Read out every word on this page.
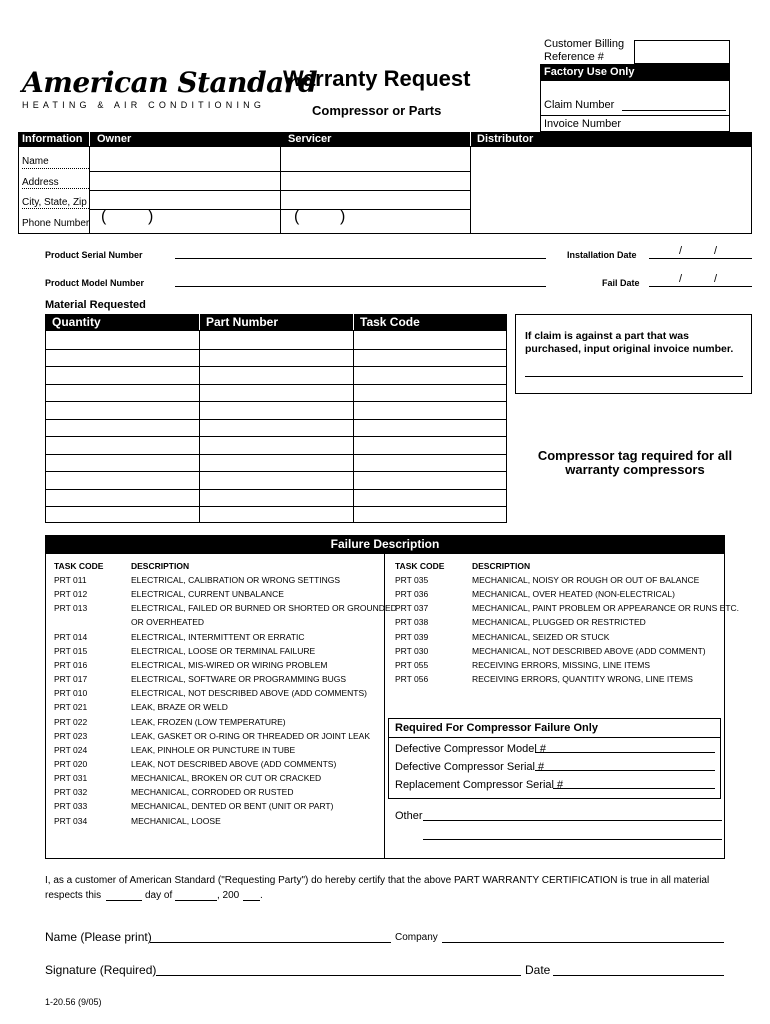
American Standard
HEATING & AIR CONDITIONING
Warranty Request
Compressor or Parts
Customer Billing
Reference #
Factory Use Only
Claim Number
Invoice Number
Information Owner	Servicer	Distributor
Name
Address
City, State, Zip
Phone Number (	)	(	)
Product Serial Number
Product Model Number
Installation Date	/	/
Fail Date	/	/
Material Requested
Quantity	Part Number	Task Code
If claim is against a part that was purchased, input original invoice number.
Compressor tag required for all warranty compressors
Failure Description
TASK CODE	DESCRIPTION	TASK CODE	DESCRIPTION
PRT 011	ELECTRICAL, CALIBRATION OR WRONG SETTINGS
PRT 012	ELECTRICAL, CURRENT UNBALANCE
PRT 013	ELECTRICAL, FAILED OR BURNED OR SHORTED OR GROUNDED
OR OVERHEATED
PRT 014	ELECTRICAL, INTERMITTENT OR ERRATIC
PRT 015	ELECTRICAL, LOOSE OR TERMINAL FAILURE
PRT 016	ELECTRICAL, MIS-WIRED OR WIRING PROBLEM
PRT 017	ELECTRICAL, SOFTWARE OR PROGRAMMING BUGS
PRT 010	ELECTRICAL, NOT DESCRIBED ABOVE (ADD COMMENTS)
PRT 021	LEAK, BRAZE OR WELD
PRT 022	LEAK, FROZEN (LOW TEMPERATURE)
PRT 023	LEAK, GASKET OR O-RING OR THREADED OR JOINT LEAK
PRT 024	LEAK, PINHOLE OR PUNCTURE IN TUBE
PRT 020	LEAK, NOT DESCRIBED ABOVE (ADD COMMENTS)
PRT 031	MECHANICAL, BROKEN OR CUT OR CRACKED
PRT 032	MECHANICAL, CORRODED OR RUSTED
PRT 033	MECHANICAL, DENTED OR BENT (UNIT OR PART)
PRT 034	MECHANICAL, LOOSE
PRT 035	MECHANICAL, NOISY OR ROUGH OR OUT OF BALANCE
PRT 036	MECHANICAL, OVER HEATED (NON-ELECTRICAL)
PRT 037	MECHANICAL, PAINT PROBLEM OR APPEARANCE OR RUNS ETC.
PRT 038	MECHANICAL, PLUGGED OR RESTRICTED
PRT 039	MECHANICAL, SEIZED OR STUCK
PRT 030	MECHANICAL, NOT DESCRIBED ABOVE (ADD COMMENT)
PRT 055	RECEIVING ERRORS, MISSING, LINE ITEMS
PRT 056	RECEIVING ERRORS, QUANTITY WRONG, LINE ITEMS
Required For Compressor Failure Only
Defective Compressor Model #
Defective Compressor Serial #
Replacement Compressor Serial #
Other
I, as a customer of American Standard ("Requesting Party") do hereby certify that the above PART WARRANTY CERTIFICATION is true in all material
respects this	day of	, 200 .
Name (Please print)	Company
Signature (Required)	Date
1-20.56 (9/05)
